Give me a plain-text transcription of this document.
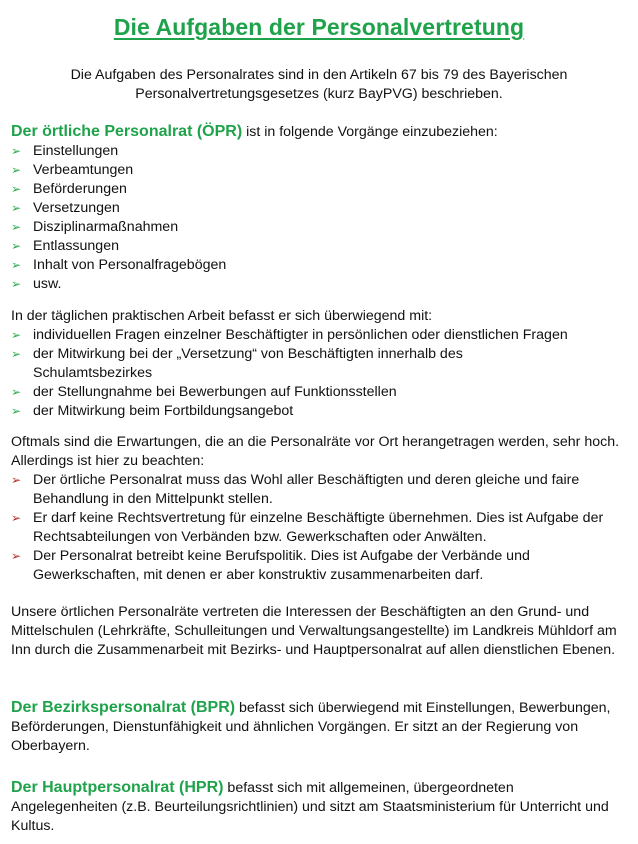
Die Aufgaben der Personalvertretung
Die Aufgaben des Personalrates sind in den Artikeln 67 bis 79 des Bayerischen
Personalvertretungsgesetzes (kurz BayPVG) beschrieben.
Der örtliche Personalrat (ÖPR) ist in folgende Vorgänge einzubeziehen:
➢ Einstellungen
➢ Verbeamtungen
➢ Beförderungen
➢ Versetzungen
➢ Disziplinarmaßnahmen
➢ Entlassungen
➢ Inhalt von Personalfragebögen
➢ usw.
In der täglichen praktischen Arbeit befasst er sich überwiegend mit:
➢ individuellen Fragen einzelner Beschäftigter in persönlichen oder dienstlichen Fragen
➢ der Mitwirkung bei der „Versetzung“ von Beschäftigten innerhalb des Schulamtsbezirkes
➢ der Stellungnahme bei Bewerbungen auf Funktionsstellen
➢ der Mitwirkung beim Fortbildungsangebot
Oftmals sind die Erwartungen, die an die Personalräte vor Ort herangetragen werden, sehr hoch. Allerdings ist hier zu beachten:
➢ Der örtliche Personalrat muss das Wohl aller Beschäftigten und deren gleiche und faire Behandlung in den Mittelpunkt stellen.
➢ Er darf keine Rechtsvertretung für einzelne Beschäftigte übernehmen. Dies ist Aufgabe der Rechtsabteilungen von Verbänden bzw. Gewerkschaften oder Anwälten.
➢ Der Personalrat betreibt keine Berufspolitik. Dies ist Aufgabe der Verbände und Gewerkschaften, mit denen er aber konstruktiv zusammenarbeiten darf.
Unsere örtlichen Personalräte vertreten die Interessen der Beschäftigten an den Grund- und Mittelschulen (Lehrkräfte, Schulleitungen und Verwaltungsangestellte) im Landkreis Mühldorf am Inn durch die Zusammenarbeit mit Bezirks- und Hauptpersonalrat auf allen dienstlichen Ebenen.
Der Bezirkspersonalrat (BPR) befasst sich überwiegend mit Einstellungen, Bewerbungen, Beförderungen, Dienstunfähigkeit und ähnlichen Vorgängen. Er sitzt an der Regierung von Oberbayern.
Der Hauptpersonalrat (HPR) befasst sich mit allgemeinen, übergeordneten Angelegenheiten (z.B. Beurteilungsrichtlinien) und sitzt am Staatsministerium für Unterricht und Kultus.
